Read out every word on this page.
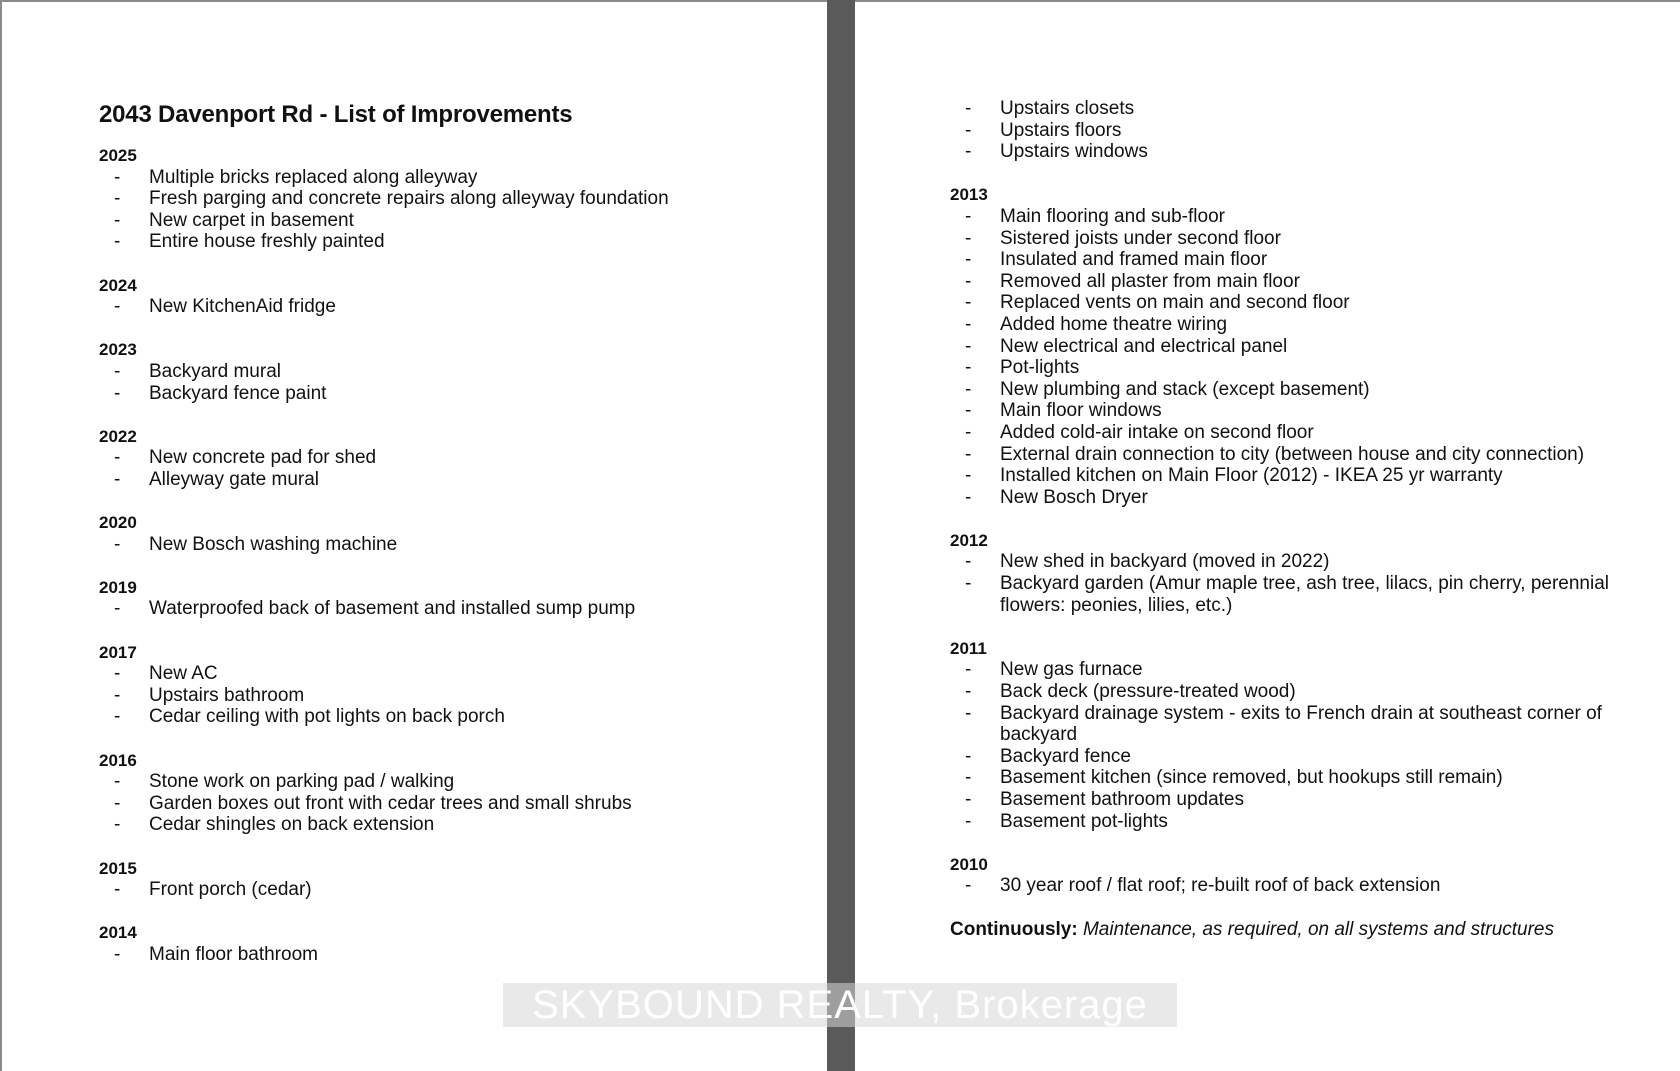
2043 Davenport Rd - List of Improvements
2025
- Multiple bricks replaced along alleyway
- Fresh parging and concrete repairs along alleyway foundation
- New carpet in basement
- Entire house freshly painted
2024
- New KitchenAid fridge
2023
- Backyard mural
- Backyard fence paint
2022
- New concrete pad for shed
- Alleyway gate mural
2020
- New Bosch washing machine
2019
- Waterproofed back of basement and installed sump pump
2017
- New AC
- Upstairs bathroom
- Cedar ceiling with pot lights on back porch
2016
- Stone work on parking pad / walking
- Garden boxes out front with cedar trees and small shrubs
- Cedar shingles on back extension
2015
- Front porch (cedar)
2014
- Main floor bathroom
- Upstairs closets
- Upstairs floors
- Upstairs windows
2013
- Main flooring and sub-floor
- Sistered joists under second floor
- Insulated and framed main floor
- Removed all plaster from main floor
- Replaced vents on main and second floor
- Added home theatre wiring
- New electrical and electrical panel
- Pot-lights
- New plumbing and stack (except basement)
- Main floor windows
- Added cold-air intake on second floor
- External drain connection to city (between house and city connection)
- Installed kitchen on Main Floor (2012) - IKEA 25 yr warranty
- New Bosch Dryer
2012
- New shed in backyard (moved in 2022)
- Backyard garden (Amur maple tree, ash tree, lilacs, pin cherry, perennial flowers: peonies, lilies, etc.)
2011
- New gas furnace
- Back deck (pressure-treated wood)
- Backyard drainage system - exits to French drain at southeast corner of backyard
- Backyard fence
- Basement kitchen (since removed, but hookups still remain)
- Basement bathroom updates
- Basement pot-lights
2010
- 30 year roof / flat roof; re-built roof of back extension
Continuously: Maintenance, as required, on all systems and structures
SKYBOUND REALTY, Brokerage
